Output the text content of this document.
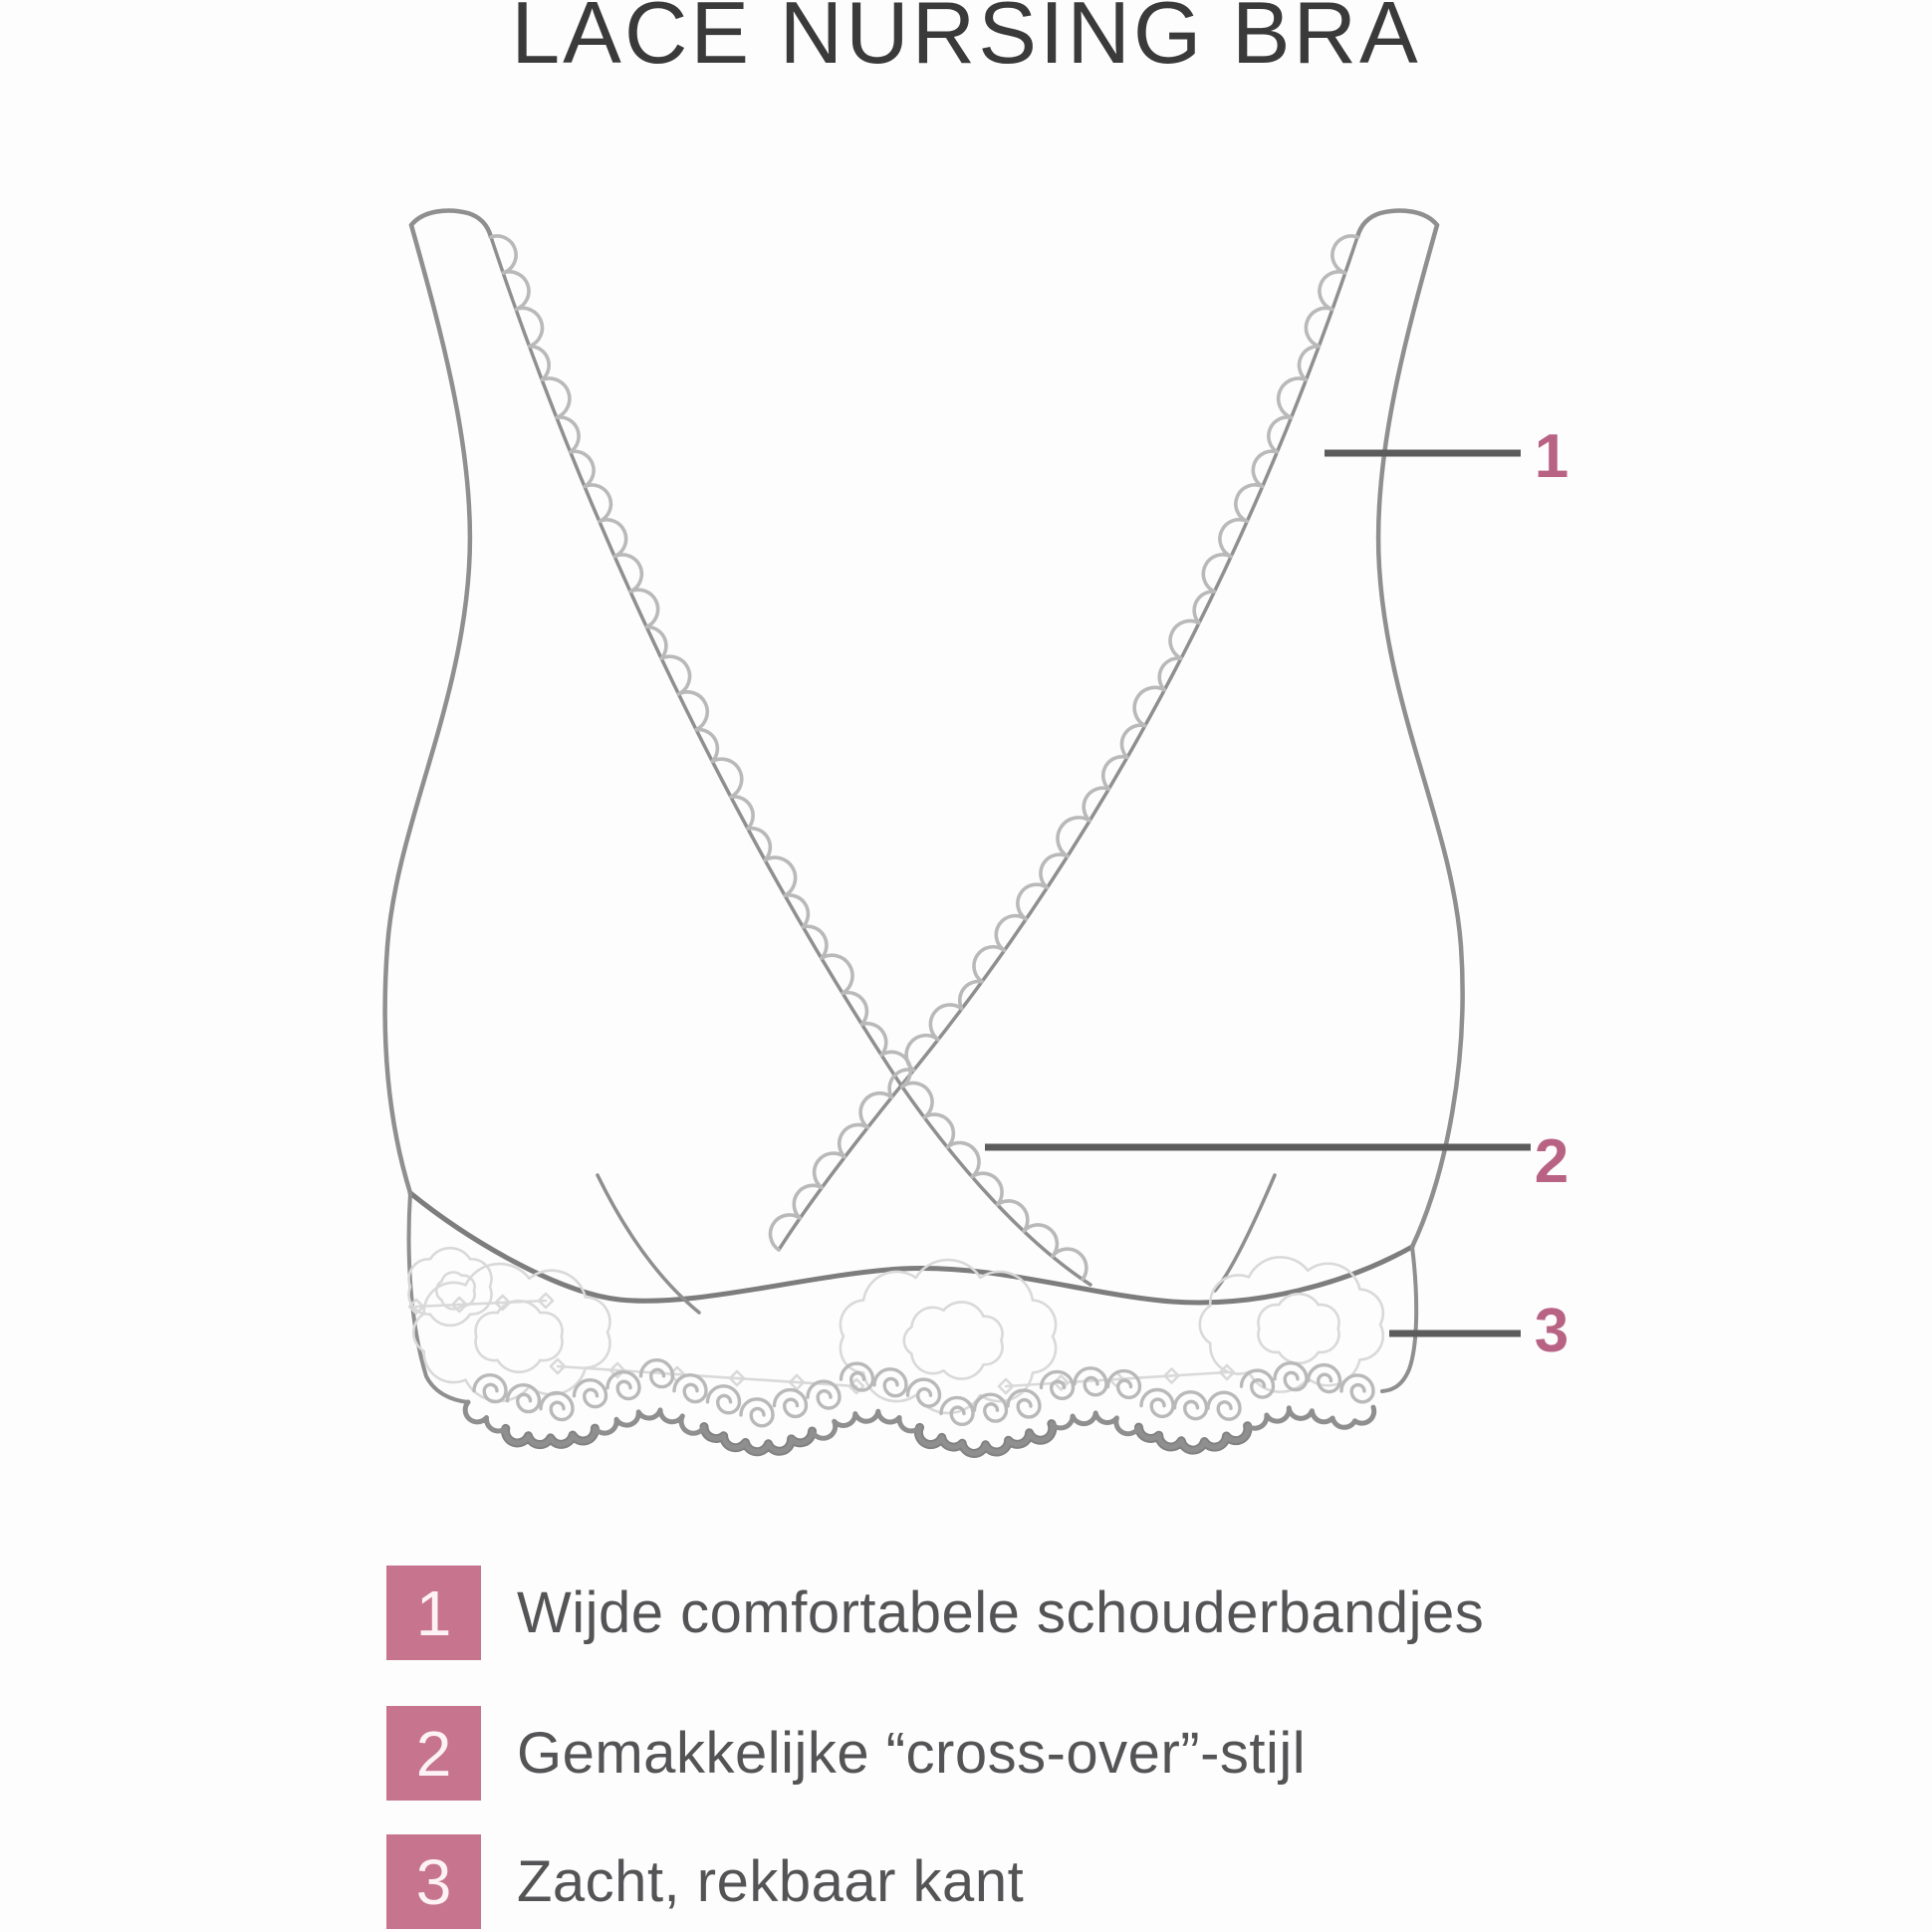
LACE NURSING BRA
1
2
3
1	Wijde comfortabele schouderbandjes
2	Gemakkelijke “cross-over”-stijl
3	Zacht, rekbaar kant
